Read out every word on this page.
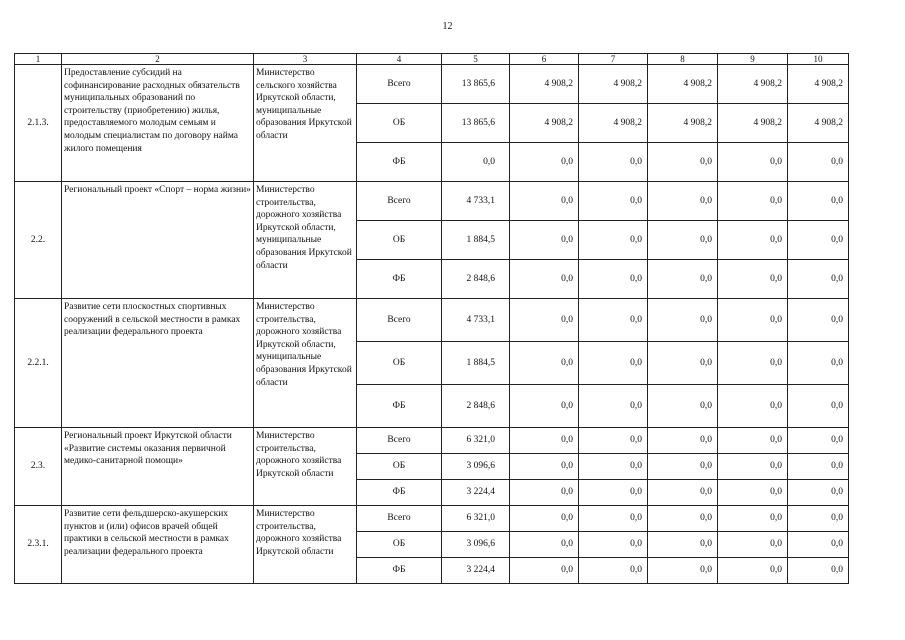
12
1	2	3	4	5	6	7	8	9	10
2.1.3.	Предоставление субсидий на софинансирование расходных обязательств муниципальных образований по строительству (приобретению) жилья, предоставляемого молодым семьям и молодым специалистам по договору найма жилого помещения	Министерство сельского хозяйства Иркутской области, муниципальные образования Иркутской области	Всего	13 865,6	4 908,2	4 908,2	4 908,2	4 908,2	4 908,2
			ОБ	13 865,6	4 908,2	4 908,2	4 908,2	4 908,2	4 908,2
			ФБ	0,0	0,0	0,0	0,0	0,0	0,0
2.2.	Региональный проект «Спорт – норма жизни»	Министерство строительства, дорожного хозяйства Иркутской области, муниципальные образования Иркутской области	Всего	4 733,1	0,0	0,0	0,0	0,0	0,0
			ОБ	1 884,5	0,0	0,0	0,0	0,0	0,0
			ФБ	2 848,6	0,0	0,0	0,0	0,0	0,0
2.2.1.	Развитие сети плоскостных спортивных сооружений в сельской местности в рамках реализации федерального проекта	Министерство строительства, дорожного хозяйства Иркутской области, муниципальные образования Иркутской области	Всего	4 733,1	0,0	0,0	0,0	0,0	0,0
			ОБ	1 884,5	0,0	0,0	0,0	0,0	0,0
			ФБ	2 848,6	0,0	0,0	0,0	0,0	0,0
2.3.	Региональный проект Иркутской области «Развитие системы оказания первичной медико-санитарной помощи»	Министерство строительства, дорожного хозяйства Иркутской области	Всего	6 321,0	0,0	0,0	0,0	0,0	0,0
			ОБ	3 096,6	0,0	0,0	0,0	0,0	0,0
			ФБ	3 224,4	0,0	0,0	0,0	0,0	0,0
2.3.1.	Развитие сети фельдшерско-акушерских пунктов и (или) офисов врачей общей практики в сельской местности в рамках реализации федерального проекта	Министерство строительства, дорожного хозяйства Иркутской области	Всего	6 321,0	0,0	0,0	0,0	0,0	0,0
			ОБ	3 096,6	0,0	0,0	0,0	0,0	0,0
			ФБ	3 224,4	0,0	0,0	0,0	0,0	0,0
